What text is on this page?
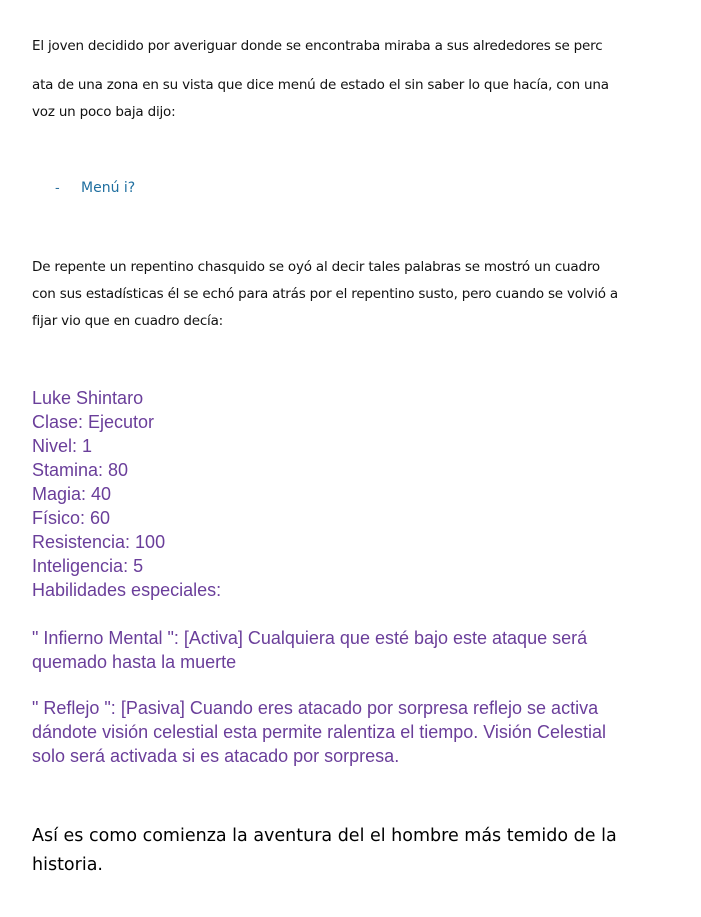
El joven decidido por averiguar donde se encontraba miraba a sus alrededores se perc
ata de una zona en su vista que dice menú de estado el sin saber lo que hacía, con una
voz un poco baja dijo:
- Menú i?
De repente un repentino chasquido se oyó al decir tales palabras se mostró un cuadro
con sus estadísticas él se echó para atrás por el repentino susto, pero cuando se volvió a
fijar vio que en cuadro decía:
Luke Shintaro
Clase: Ejecutor
Nivel: 1
Stamina: 80
Magia: 40
Físico: 60
Resistencia: 100
Inteligencia: 5
Habilidades especiales:
" Infierno Mental ": [Activa] Cualquiera que esté bajo este ataque será
quemado hasta la muerte
" Reflejo ": [Pasiva] Cuando eres atacado por sorpresa reflejo se activa
dándote visión celestial esta permite ralentiza el tiempo. Visión Celestial
solo será activada si es atacado por sorpresa.
Así es como comienza la aventura del el hombre más temido de la
historia.
